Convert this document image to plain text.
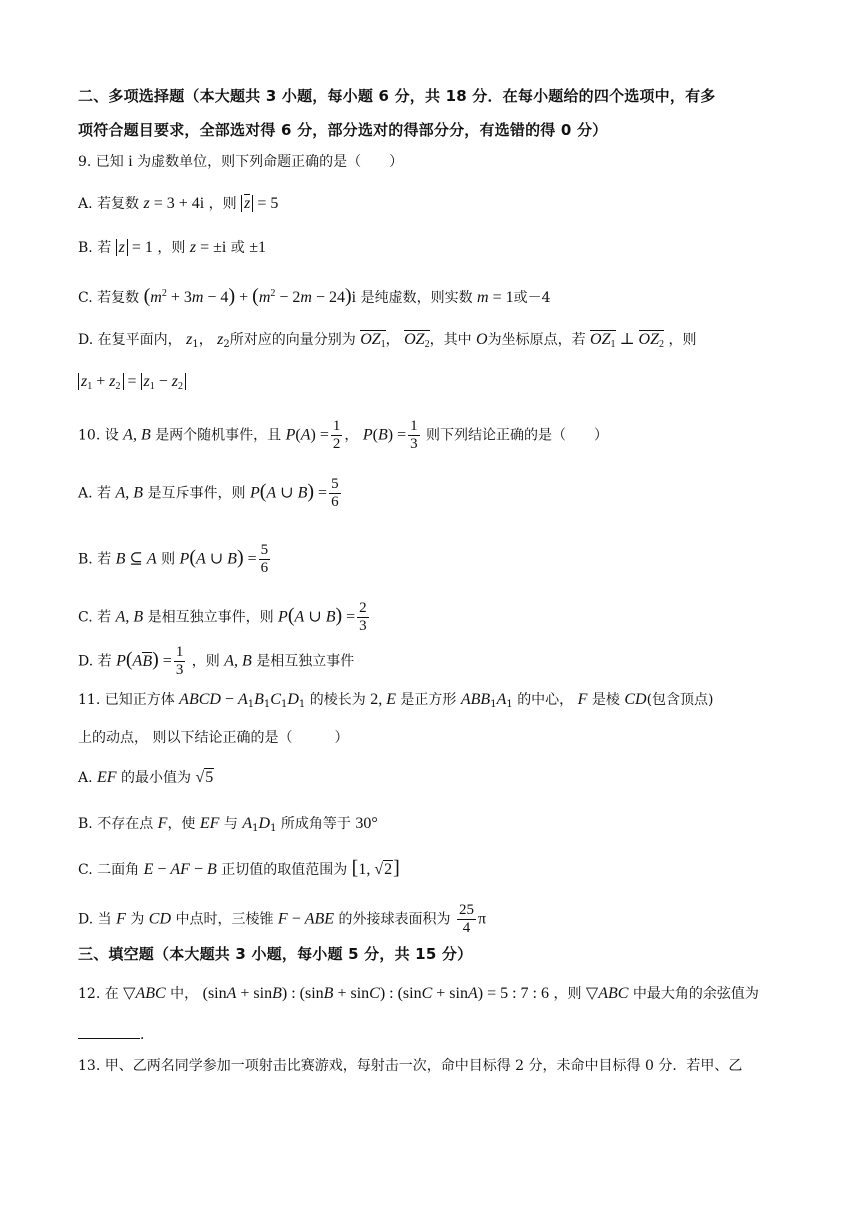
二、多项选择题（本大题共 3 小题，每小题 6 分，共 18 分．在每小题给的四个选项中，有多
项符合题目要求，全部选对得 6 分，部分选对的得部分分，有选错的得 0 分）
9. 已知 i 为虚数单位，则下列命题正确的是（　　）
A. 若复数 z = 3 + 4i ，则 z = 5
B. 若 z = 1 ，则 z = ±i 或 ±1
C. 若复数 $(m^2 + 3m - 4) + (m^2 - 2m - 24)i$ 是纯虚数，则实数 m = 1或－4
D. 在复平面内， $z_1$， $z_2$所对应的向量分别为 $OZ_1$， $OZ_2$，其中 O为坐标原点，若 $OZ_1$ ⊥ $OZ_2$ ，则
$z_1 + z_2 = z_1 - z_2$
10. 设 A, B 是两个随机事件，且 $P(A) = \frac{1}{2}$ ， $P(B) = \frac{1}{3}$ 则下列结论正确的是（　　）
A. 若 A, B 是互斥事件，则 P(A ∪ $B) = \frac{5}{6}$
B. 若 B ⊆ A 则 P(A ∪ $B) = \frac{5}{6}$
C. 若 A, B 是相互独立事件，则 P(A ∪ $B) = \frac{2}{3}$
D. 若 $P(AB) = \frac{1}{3}$ ，则 A, B 是相互独立事件
11. 已知正方体 ABCD − $A_1B_1C_1D_1$ 的棱长为 2, E 是正方形 $ABB_1A_1$ 的中心， F 是棱 CD(包含顶点)
上的动点， 则以下结论正确的是（　　　）
A. EF 的最小值为 √5
B. 不存在点 F，使 EF 与 $A_1D_1$ 所成角等于 30°
C. 二面角 E − AF − B 正切值的取值范围为 [1, √2]
D. 当 F 为 CD 中点时，三棱锥 F − ABE 的外接球表面积为 $\frac{25}{4}$ π
三、填空题（本大题共 3 小题，每小题 5 分，共 15 分）
12. 在 ▽ABC 中， (sinA + sinB) : (sinB + sinC) : (sinC + sinA) = 5 : 7 : 6 ，则 ▽ABC 中最大角的余弦值为
．
13. 甲、乙两名同学参加一项射击比赛游戏，每射击一次，命中目标得 2 分，未命中目标得 0 分．若甲、乙
